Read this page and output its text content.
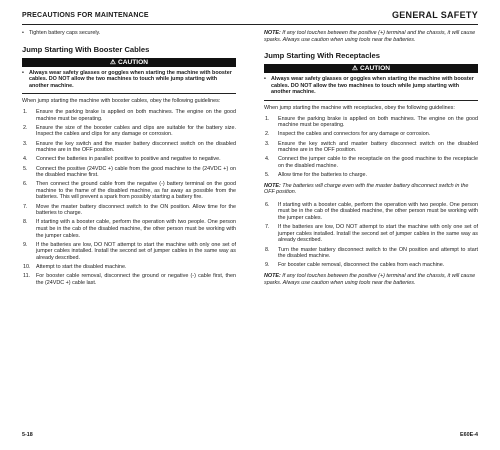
PRECAUTIONS FOR MAINTENANCE	GENERAL SAFETY
• Tighten battery caps securely.
Jump Starting With Booster Cables
⚠ CAUTION
• Always wear safety glasses or goggles when starting the machine with booster cables. DO NOT allow the two machines to touch while jump starting with another machine.
When jump starting the machine with booster cables, obey the following guidelines:
1. Ensure the parking brake is applied on both machines. The engine on the good machine must be operating.
2. Ensure the size of the booster cables and clips are suitable for the battery size. Inspect the cables and clips for any damage or corrosion.
3. Ensure the key switch and the master battery disconnect switch on the disabled machine are in the OFF position.
4. Connect the batteries in parallel: positive to positive and negative to negative.
5. Connect the positive (24VDC +) cable from the good machine to the (24VDC +) on the disabled machine first.
6. Then connect the ground cable from the negative (-) battery terminal on the good machine to the frame of the disabled machine, as far away as possible from the batteries. This will prevent a spark from possibly starting a battery fire.
7. Move the master battery disconnect switch to the ON position. Allow time for the batteries to charge.
8. If starting with a booster cable, perform the operation with two people. One person must be in the cab of the disabled machine, the other person must be working with the jumper cables.
9. If the batteries are low, DO NOT attempt to start the machine with only one set of jumper cables installed. Install the second set of jumper cables in the same way as already described.
10. Attempt to start the disabled machine.
11. For booster cable removal, disconnect the ground or negative (-) cable first, then the (24VDC +) cable last.
NOTE: If any tool touches between the positive (+) terminal and the chassis, it will cause sparks. Always use caution when using tools near the batteries.
Jump Starting With Receptacles
⚠ CAUTION
• Always wear safety glasses or goggles when starting the machine with booster cables. DO NOT allow the two machines to touch while jump starting with another machine.
When jump starting the machine with receptacles, obey the following guidelines:
1. Ensure the parking brake is applied on both machines. The engine on the good machine must be operating.
2. Inspect the cables and connectors for any damage or corrosion.
3. Ensure the key switch and master battery disconnect switch on the disabled machine are in the OFF position.
4. Connect the jumper cable to the receptacle on the good machine to the receptacle on the disabled machine.
5. Allow time for the batteries to charge.
NOTE: The batteries will charge even with the master battery disconnect switch in the OFF position.
6. If starting with a booster cable, perform the operation with two people. One person must be in the cab of the disabled machine, the other person must be working with the jumper cables.
7. If the batteries are low, DO NOT attempt to start the machine with only one set of jumper cables installed. Install the second set of jumper cables in the same way as already described.
8. Turn the master battery disconnect switch to the ON position and attempt to start the disabled machine.
9. For booster cable removal, disconnect the cables from each machine.
NOTE: If any tool touches between the positive (+) terminal and the chassis, it will cause sparks. Always use caution when using tools near the batteries.
5-18	E60E-4
